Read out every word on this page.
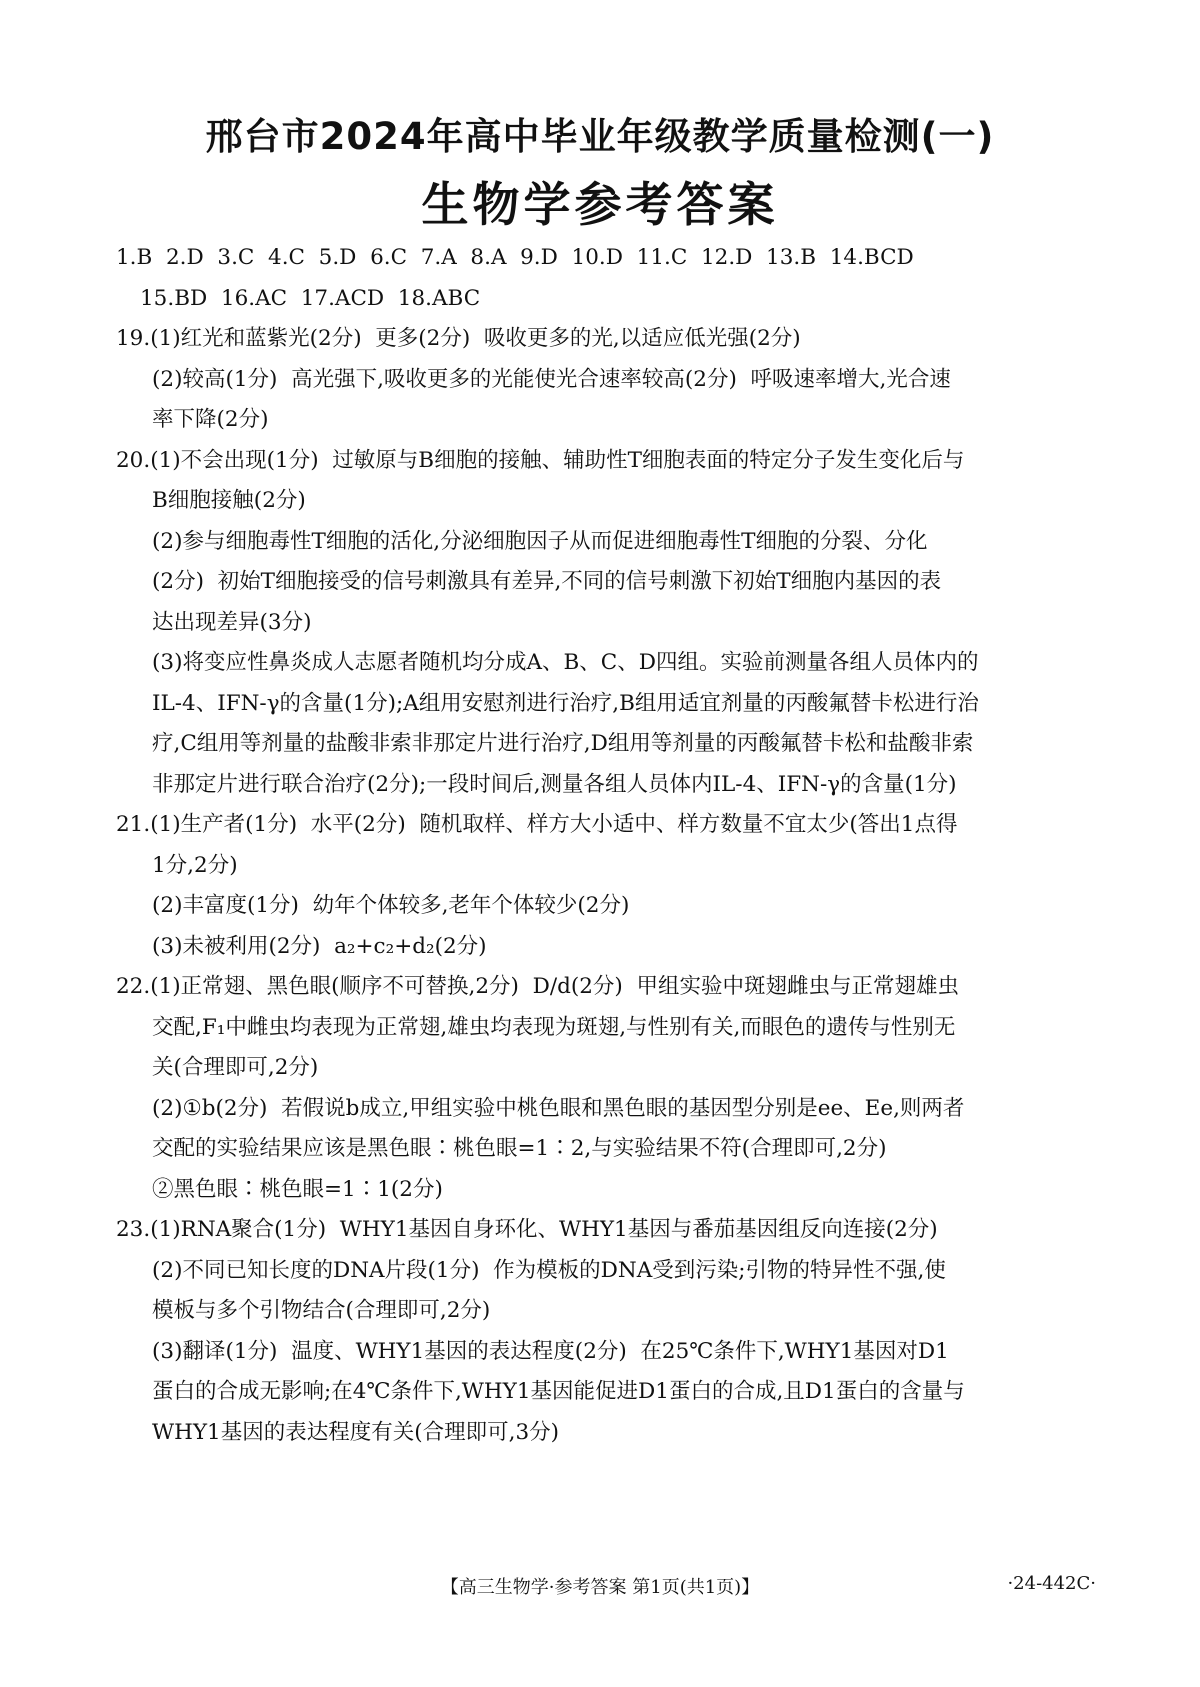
邢台市2024年高中毕业年级教学质量检测(一)
生物学参考答案
1.B  2.D  3.C  4.C  5.D  6.C  7.A  8.A  9.D  10.D  11.C  12.D  13.B  14.BCD
15.BD  16.AC  17.ACD  18.ABC
19.(1)红光和蓝紫光(2分)  更多(2分)  吸收更多的光,以适应低光强(2分)
(2)较高(1分)  高光强下,吸收更多的光能使光合速率较高(2分)  呼吸速率增大,光合速
率下降(2分)
20.(1)不会出现(1分)  过敏原与B细胞的接触、辅助性T细胞表面的特定分子发生变化后与
B细胞接触(2分)
(2)参与细胞毒性T细胞的活化,分泌细胞因子从而促进细胞毒性T细胞的分裂、分化
(2分)  初始T细胞接受的信号刺激具有差异,不同的信号刺激下初始T细胞内基因的表
达出现差异(3分)
(3)将变应性鼻炎成人志愿者随机均分成A、B、C、D四组。实验前测量各组人员体内的
IL-4、IFN-γ的含量(1分);A组用安慰剂进行治疗,B组用适宜剂量的丙酸氟替卡松进行治
疗,C组用等剂量的盐酸非索非那定片进行治疗,D组用等剂量的丙酸氟替卡松和盐酸非索
非那定片进行联合治疗(2分);一段时间后,测量各组人员体内IL-4、IFN-γ的含量(1分)
21.(1)生产者(1分)  水平(2分)  随机取样、样方大小适中、样方数量不宜太少(答出1点得
1分,2分)
(2)丰富度(1分)  幼年个体较多,老年个体较少(2分)
(3)未被利用(2分)  a₂+c₂+d₂(2分)
22.(1)正常翅、黑色眼(顺序不可替换,2分)  D/d(2分)  甲组实验中斑翅雌虫与正常翅雄虫
交配,F₁中雌虫均表现为正常翅,雄虫均表现为斑翅,与性别有关,而眼色的遗传与性别无
关(合理即可,2分)
(2)①b(2分)  若假说b成立,甲组实验中桃色眼和黑色眼的基因型分别是ee、Ee,则两者
交配的实验结果应该是黑色眼∶桃色眼=1∶2,与实验结果不符(合理即可,2分)
②黑色眼∶桃色眼=1∶1(2分)
23.(1)RNA聚合(1分)  WHY1基因自身环化、WHY1基因与番茄基因组反向连接(2分)
(2)不同已知长度的DNA片段(1分)  作为模板的DNA受到污染;引物的特异性不强,使
模板与多个引物结合(合理即可,2分)
(3)翻译(1分)  温度、WHY1基因的表达程度(2分)  在25℃条件下,WHY1基因对D1
蛋白的合成无影响;在4℃条件下,WHY1基因能促进D1蛋白的合成,且D1蛋白的含量与
WHY1基因的表达程度有关(合理即可,3分)
【高三生物学·参考答案 第1页(共1页)】	·24-442C·
